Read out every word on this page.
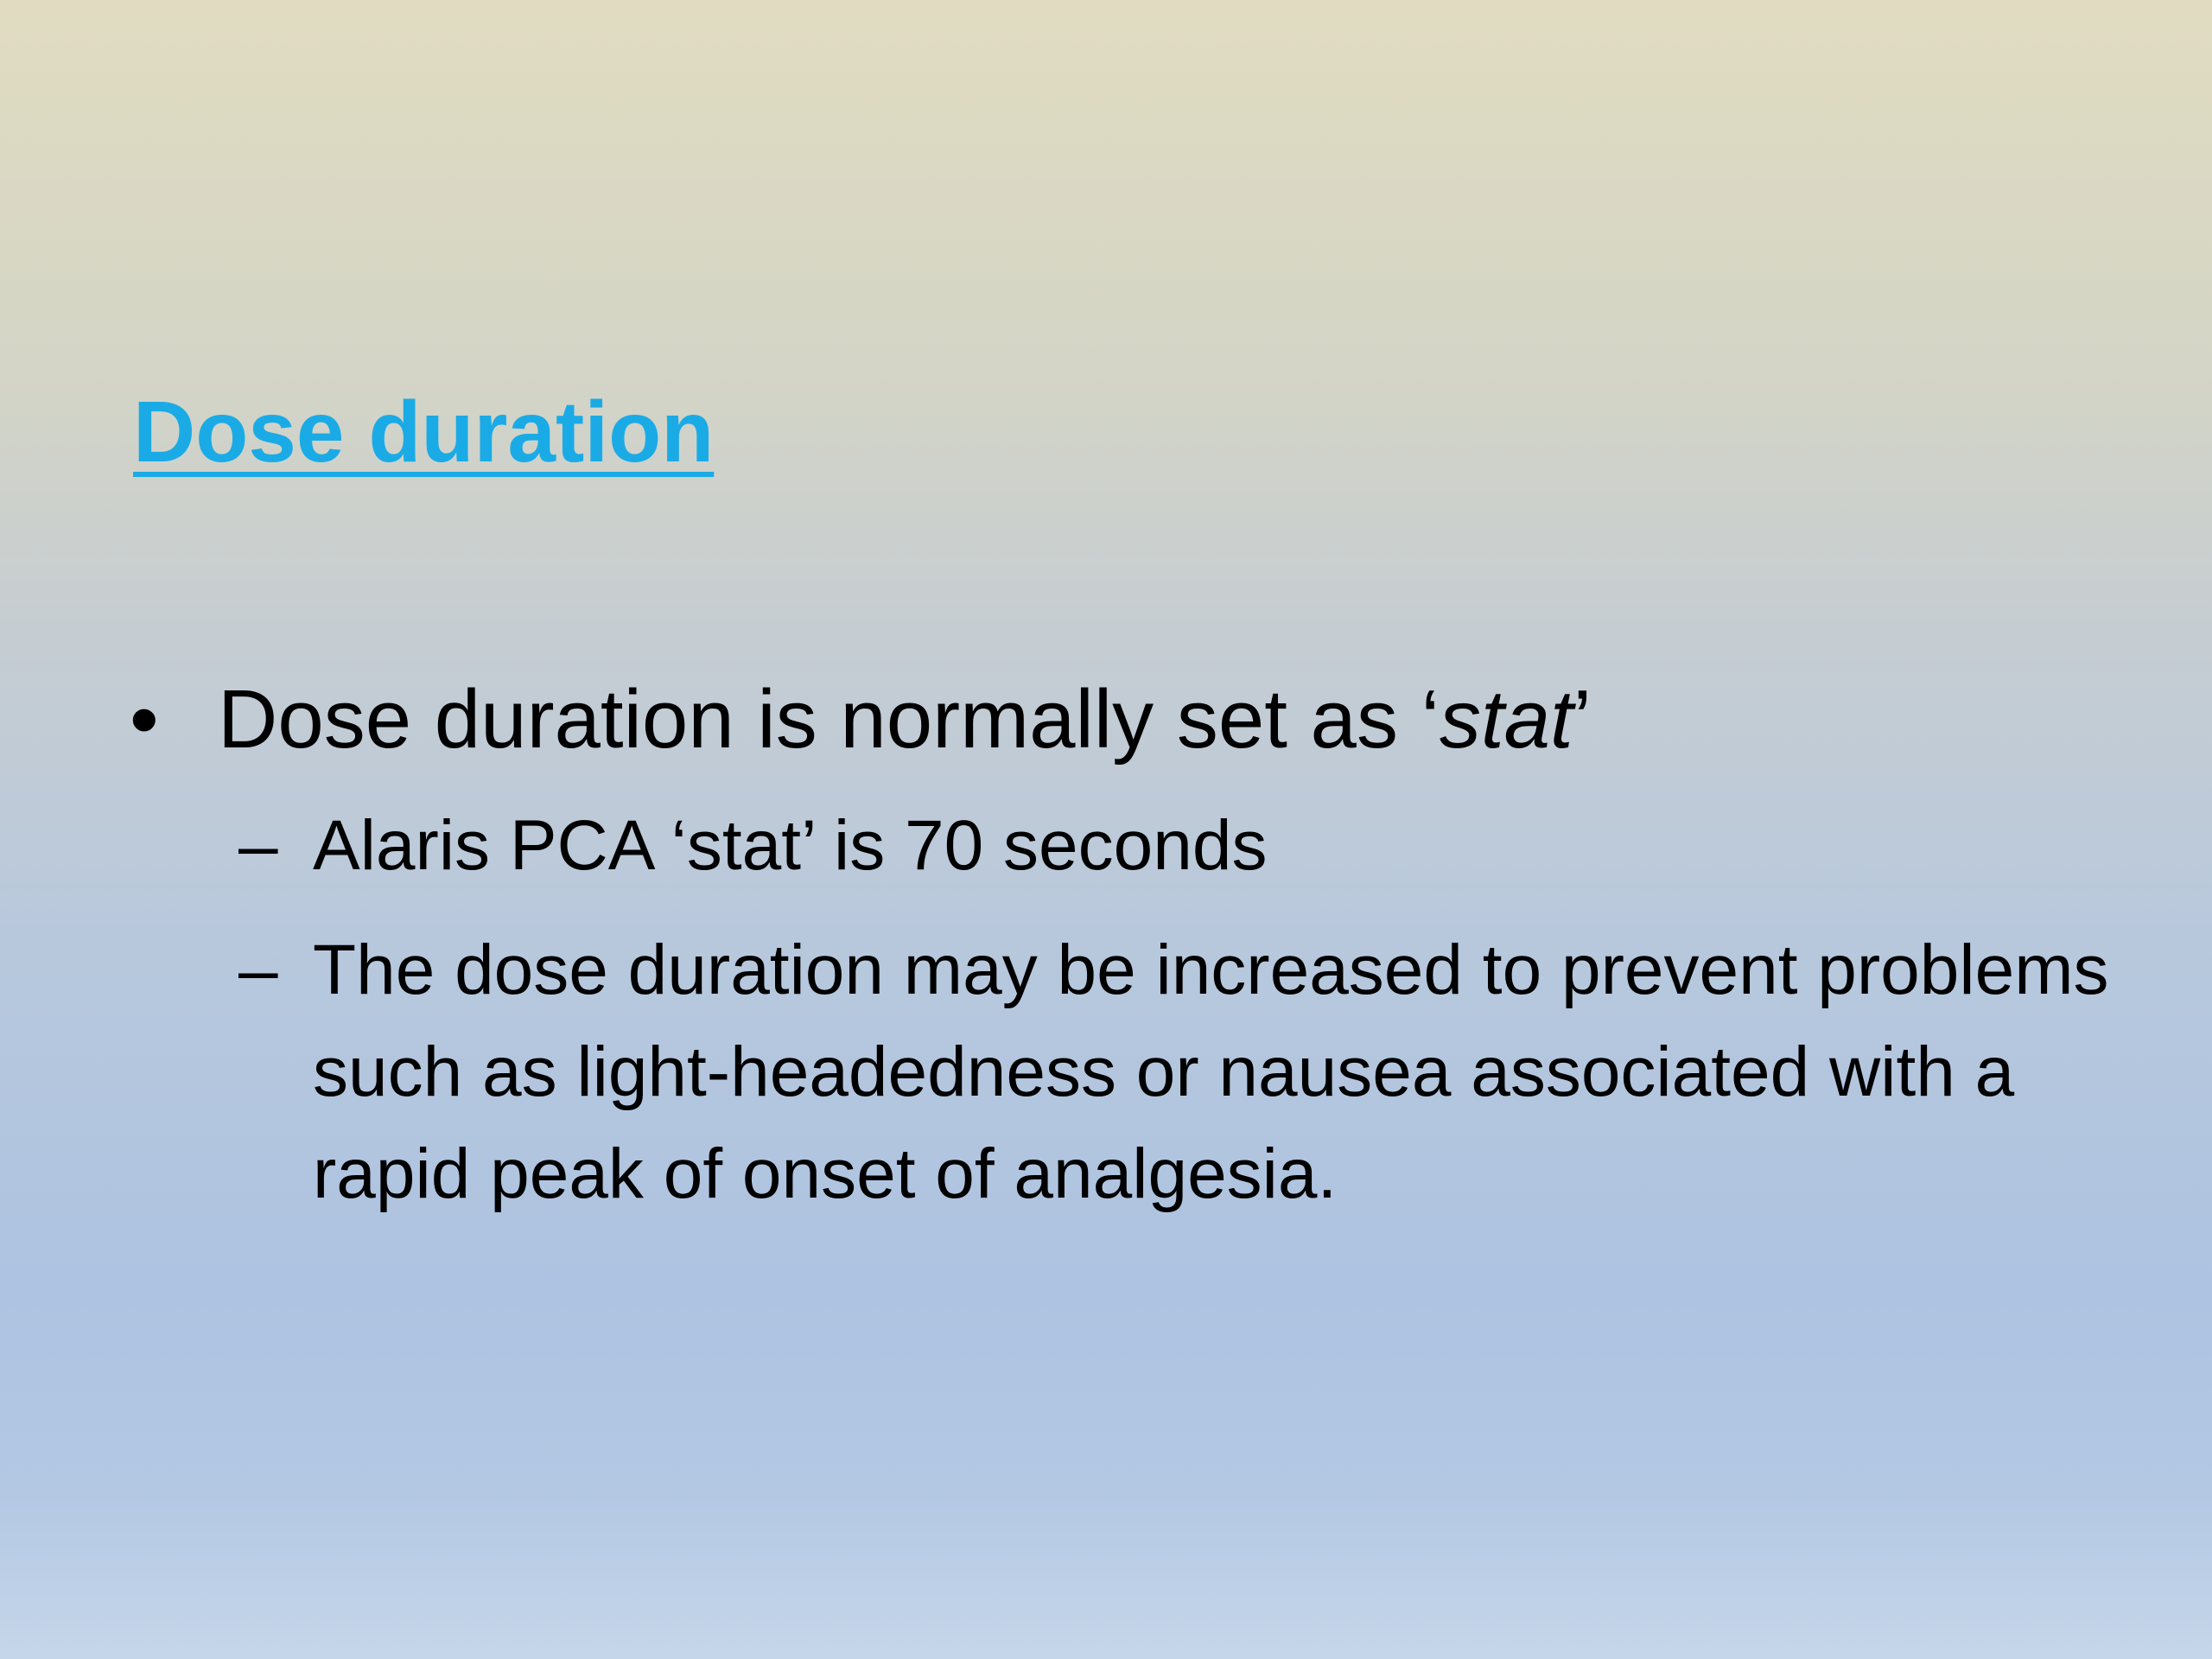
Dose duration
• Dose duration is normally set as ‘stat’
– Alaris PCA ‘stat’ is 70 seconds
– The dose duration may be increased to prevent problems such as light-headedness or nausea associated with a rapid peak of onset of analgesia.
